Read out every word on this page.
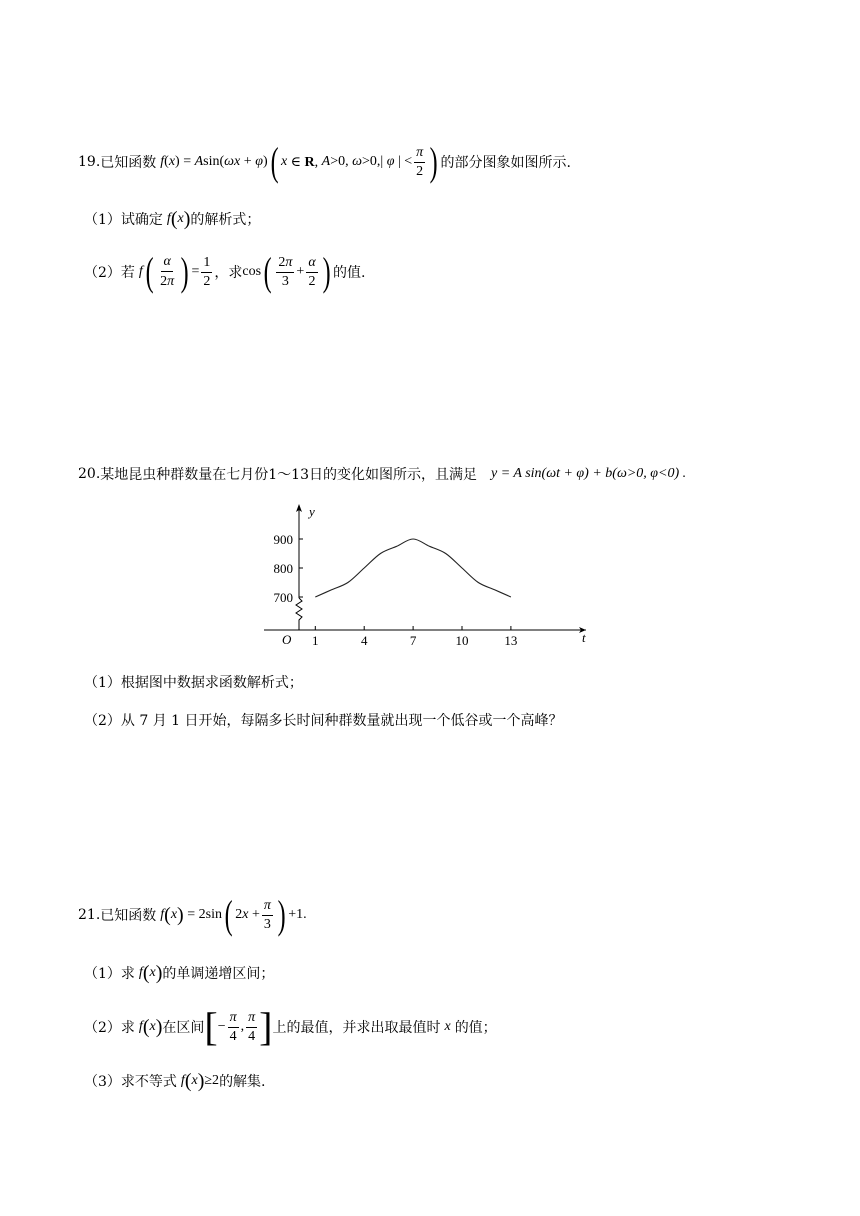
19. 已知函数 f ( x ) = A sin( ωx + φ ) ( x ∈ R, A >0, ω >0,| φ | < $\frac{\pi}{2}$ ) 的部分图象如图所示.
（1） 试确定 f ( x ) 的解析式；
（2） 若 f ( $\frac{\alpha}{2\pi}$ ) = $\frac{1}{2}$ ，求 cos ( $\frac{2\pi}{3} + \frac{\alpha}{2}$ ) 的值.
20. 某地昆虫种群数量在七月份1～13日的变化如图所示，且满足 y = A sin(ωt + φ) + b(ω>0, φ<0) .
y
t
O
700
800
900
1	4	7	10	13
（1） 根据图中数据求函数解析式；
（2） 从 7 月 1 日开始，每隔多长时间种群数量就出现一个低谷或一个高峰？
21. 已知函数 f ( x ) = 2sin ( 2 $x + \frac{\pi}{3}$ ) +1.
（1） 求 f ( x ) 的单调递增区间；
（2） 求 f ( x ) 在区间 [ − $\frac{\pi}{4}$ , $\frac{\pi}{4}$ ] 上的最值，并求出取最值时 x 的值；
（3） 求不等式 f ( x ) ≥2 的解集.
